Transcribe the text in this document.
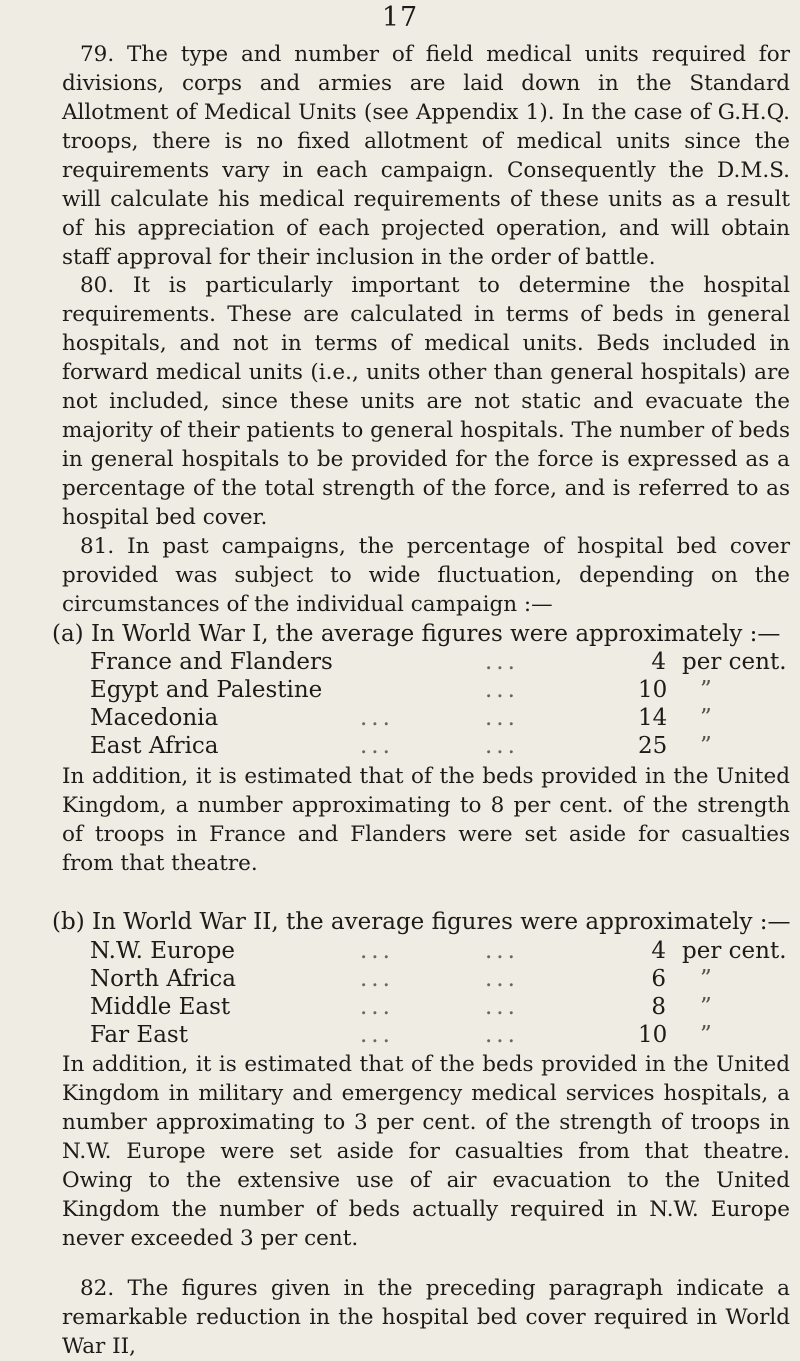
17

79. The type and number of field medical units required for divisions, corps and armies are laid down in the Standard Allotment of Medical Units (see Appendix 1). In the case of G.H.Q. troops, there is no fixed allotment of medical units since the requirements vary in each campaign. Consequently the D.M.S. will calculate his medical requirements of these units as a result of his appreciation of each projected operation, and will obtain staff approval for their inclusion in the order of battle.

80. It is particularly important to determine the hospital requirements. These are calculated in terms of beds in general hospitals, and not in terms of medical units. Beds included in forward medical units (i.e., units other than general hospitals) are not included, since these units are not static and evacuate the majority of their patients to general hospitals. The number of beds in general hospitals to be provided for the force is expressed as a percentage of the total strength of the force, and is referred to as hospital bed cover.

81. In past campaigns, the percentage of hospital bed cover provided was subject to wide fluctuation, depending on the circumstances of the individual campaign :—

(a) In World War I, the average figures were approximately :—

France and Flanders	...	4 per cent.
Egypt and Palestine	...	10 ”
Macedonia	...	...	14 ”
East Africa	...	...	25 ”

In addition, it is estimated that of the beds provided in the United Kingdom, a number approximating to 8 per cent. of the strength of troops in France and Flanders were set aside for casualties from that theatre.

(b) In World War II, the average figures were approximately :—

N.W. Europe	...	...	4 per cent.
North Africa	...	...	6 ”
Middle East	...	...	8 ”
Far East	...	...	10 ”

In addition, it is estimated that of the beds provided in the United Kingdom in military and emergency medical services hospitals, a number approximating to 3 per cent. of the strength of troops in N.W. Europe were set aside for casualties from that theatre. Owing to the extensive use of air evacuation to the United Kingdom the number of beds actually required in N.W. Europe never exceeded 3 per cent.

82. The figures given in the preceding paragraph indicate a remarkable reduction in the hospital bed cover required in World War II,
